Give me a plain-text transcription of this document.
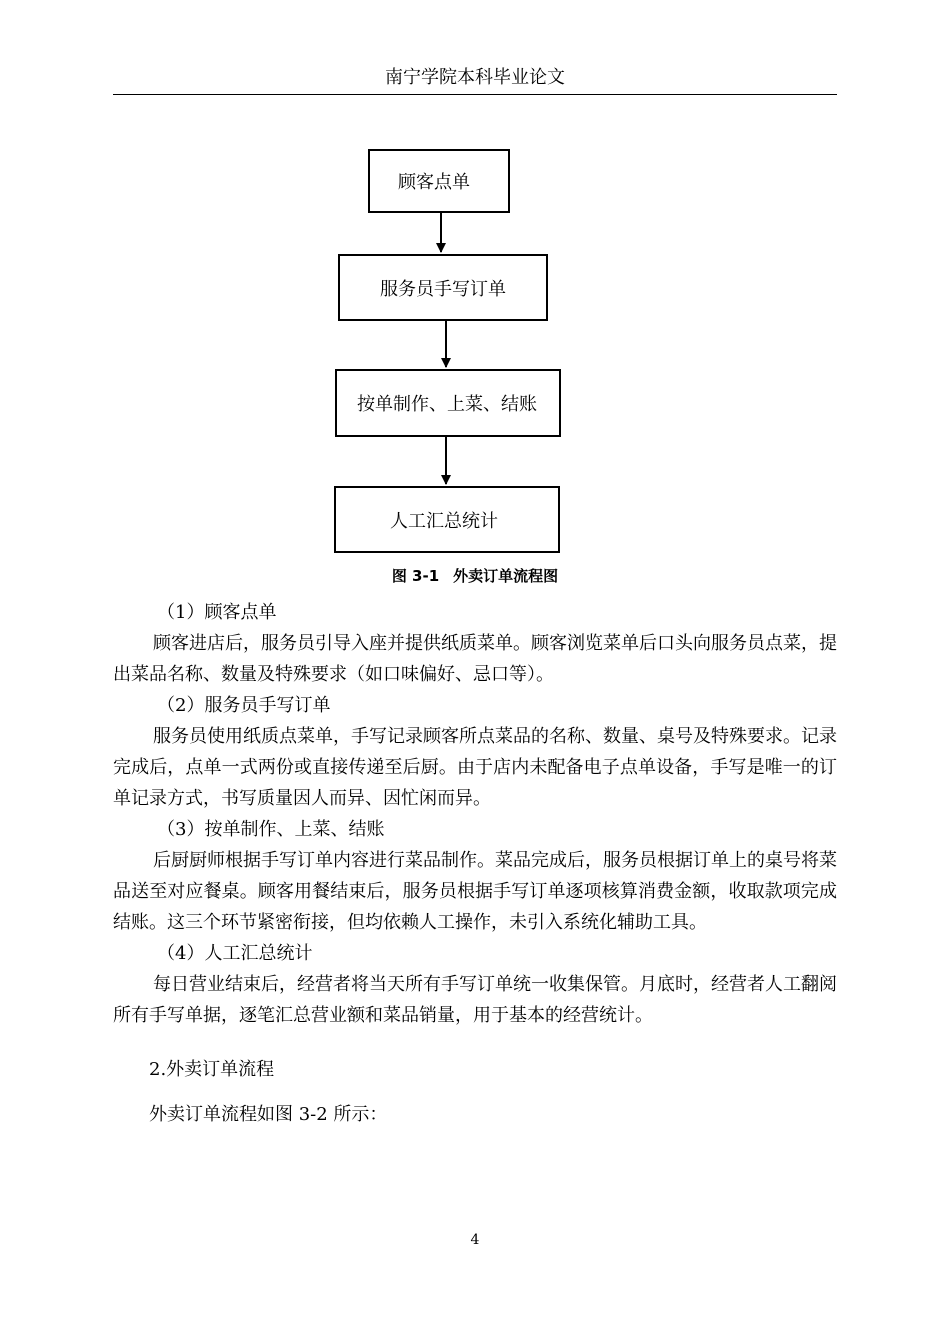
南宁学院本科毕业论文
顾客点单
服务员手写订单
按单制作、上菜、结账
人工汇总统计
图 3-1 外卖订单流程图

（1）顾客点单

顾客进店后，服务员引导入座并提供纸质菜单。顾客浏览菜单后口头向服务员点菜，提出菜品名称、数量及特殊要求（如口味偏好、忌口等）。

（2）服务员手写订单

服务员使用纸质点菜单，手写记录顾客所点菜品的名称、数量、桌号及特殊要求。记录完成后，点单一式两份或直接传递至后厨。由于店内未配备电子点单设备，手写是唯一的订单记录方式，书写质量因人而异、因忙闲而异。

（3）按单制作、上菜、结账

后厨厨师根据手写订单内容进行菜品制作。菜品完成后，服务员根据订单上的桌号将菜品送至对应餐桌。顾客用餐结束后，服务员根据手写订单逐项核算消费金额，收取款项完成结账。这三个环节紧密衔接，但均依赖人工操作，未引入系统化辅助工具。

（4）人工汇总统计

每日营业结束后，经营者将当天所有手写订单统一收集保管。月底时，经营者人工翻阅所有手写单据，逐笔汇总营业额和菜品销量，用于基本的经营统计。

2.外卖订单流程

外卖订单流程如图 3-2 所示：

4
